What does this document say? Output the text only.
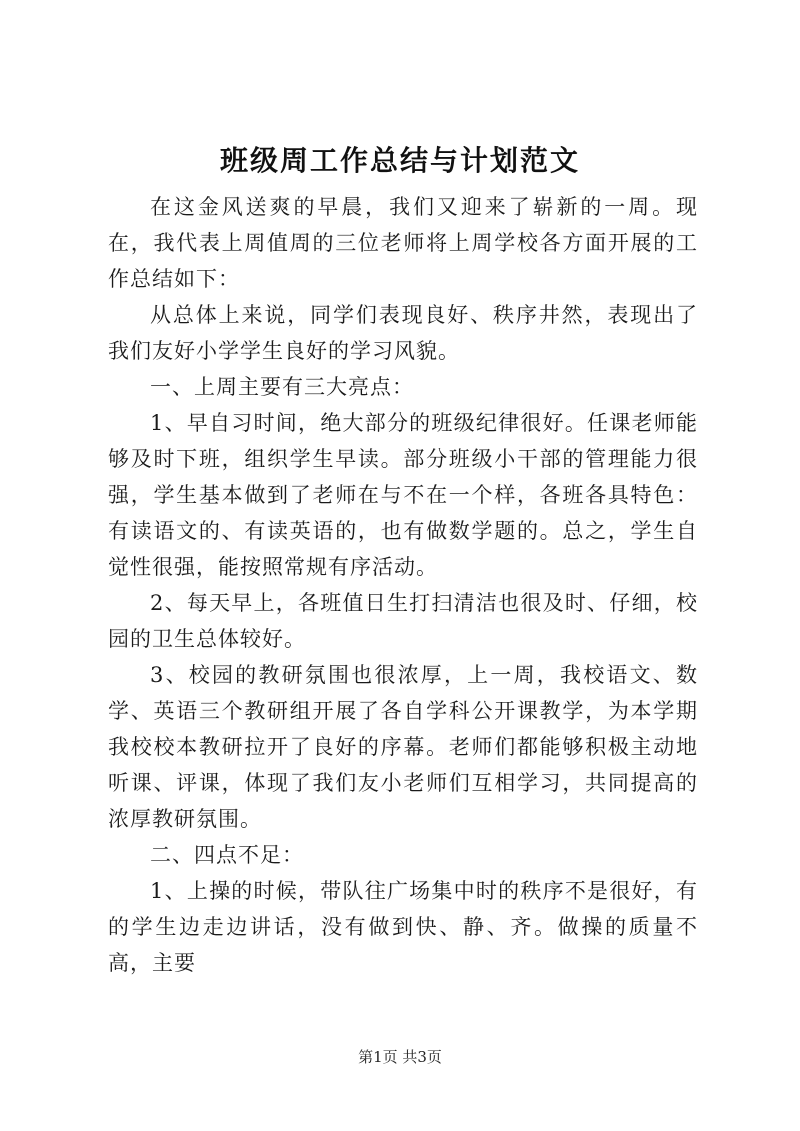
班级周工作总结与计划范文

在这金风送爽的早晨，我们又迎来了崭新的一周。现在，我代表上周值周的三位老师将上周学校各方面开展的工作总结如下：

从总体上来说，同学们表现良好、秩序井然，表现出了我们友好小学学生良好的学习风貌。

一、上周主要有三大亮点：

1、早自习时间，绝大部分的班级纪律很好。任课老师能够及时下班，组织学生早读。部分班级小干部的管理能力很强，学生基本做到了老师在与不在一个样，各班各具特色：有读语文的、有读英语的，也有做数学题的。总之，学生自觉性很强，能按照常规有序活动。

2、每天早上，各班值日生打扫清洁也很及时、仔细，校园的卫生总体较好。

3、校园的教研氛围也很浓厚，上一周，我校语文、数学、英语三个教研组开展了各自学科公开课教学，为本学期我校校本教研拉开了良好的序幕。老师们都能够积极主动地听课、评课，体现了我们友小老师们互相学习，共同提高的浓厚教研氛围。

二、四点不足：

1、上操的时候，带队往广场集中时的秩序不是很好，有的学生边走边讲话，没有做到快、静、齐。做操的质量不高，主要

第1页 共3页
